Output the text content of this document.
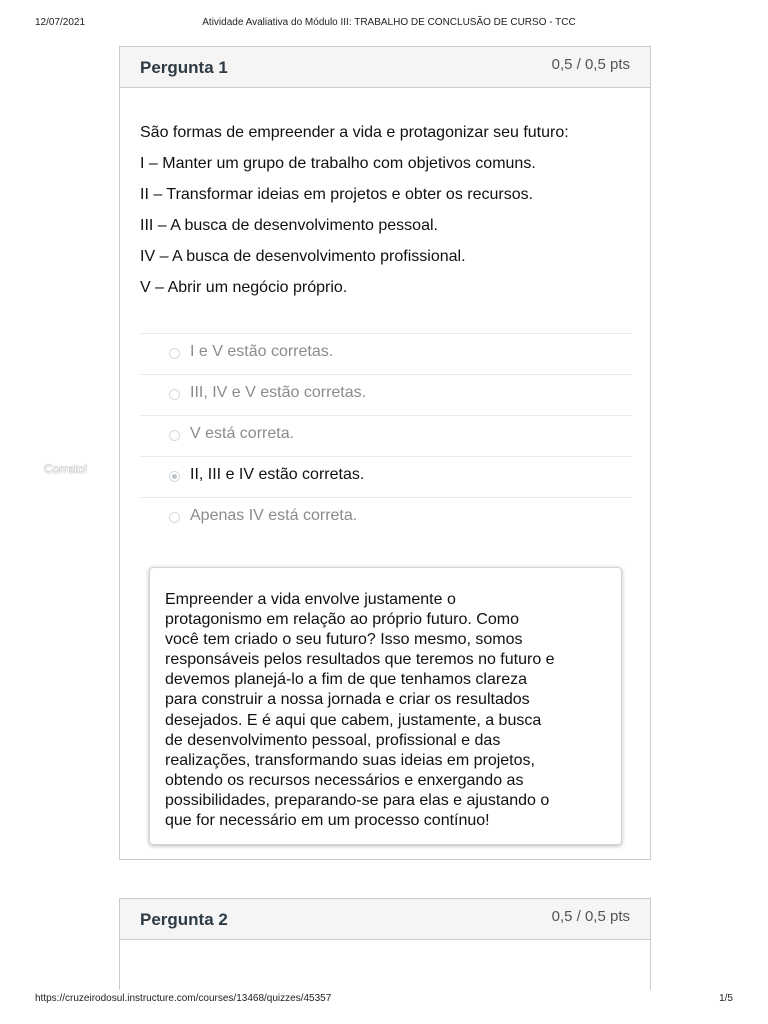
12/07/2021	Atividade Avaliativa do Módulo III: TRABALHO DE CONCLUSÃO DE CURSO - TCC
Pergunta 1	0,5 / 0,5 pts

São formas de empreender a vida e protagonizar seu futuro:

I – Manter um grupo de trabalho com objetivos comuns.

II – Transformar ideias em projetos e obter os recursos.

III – A busca de desenvolvimento pessoal.

IV – A busca de desenvolvimento profissional.

V – Abrir um negócio próprio.

I e V estão corretas.
III, IV e V estão corretas.
V está correta.
II, III e IV estão corretas.
Apenas IV está correta.

Empreender a vida envolve justamente o
protagonismo em relação ao próprio futuro. Como
você tem criado o seu futuro? Isso mesmo, somos
responsáveis pelos resultados que teremos no futuro e
devemos planejá-lo a fim de que tenhamos clareza
para construir a nossa jornada e criar os resultados
desejados. E é aqui que cabem, justamente, a busca
de desenvolvimento pessoal, profissional e das
realizações, transformando suas ideias em projetos,
obtendo os recursos necessários e enxergando as
possibilidades, preparando-se para elas e ajustando o
que for necessário em um processo contínuo!

Correto!
Pergunta 2	0,5 / 0,5 pts
https://cruzeirodosul.instructure.com/courses/13468/quizzes/45357	1/5
